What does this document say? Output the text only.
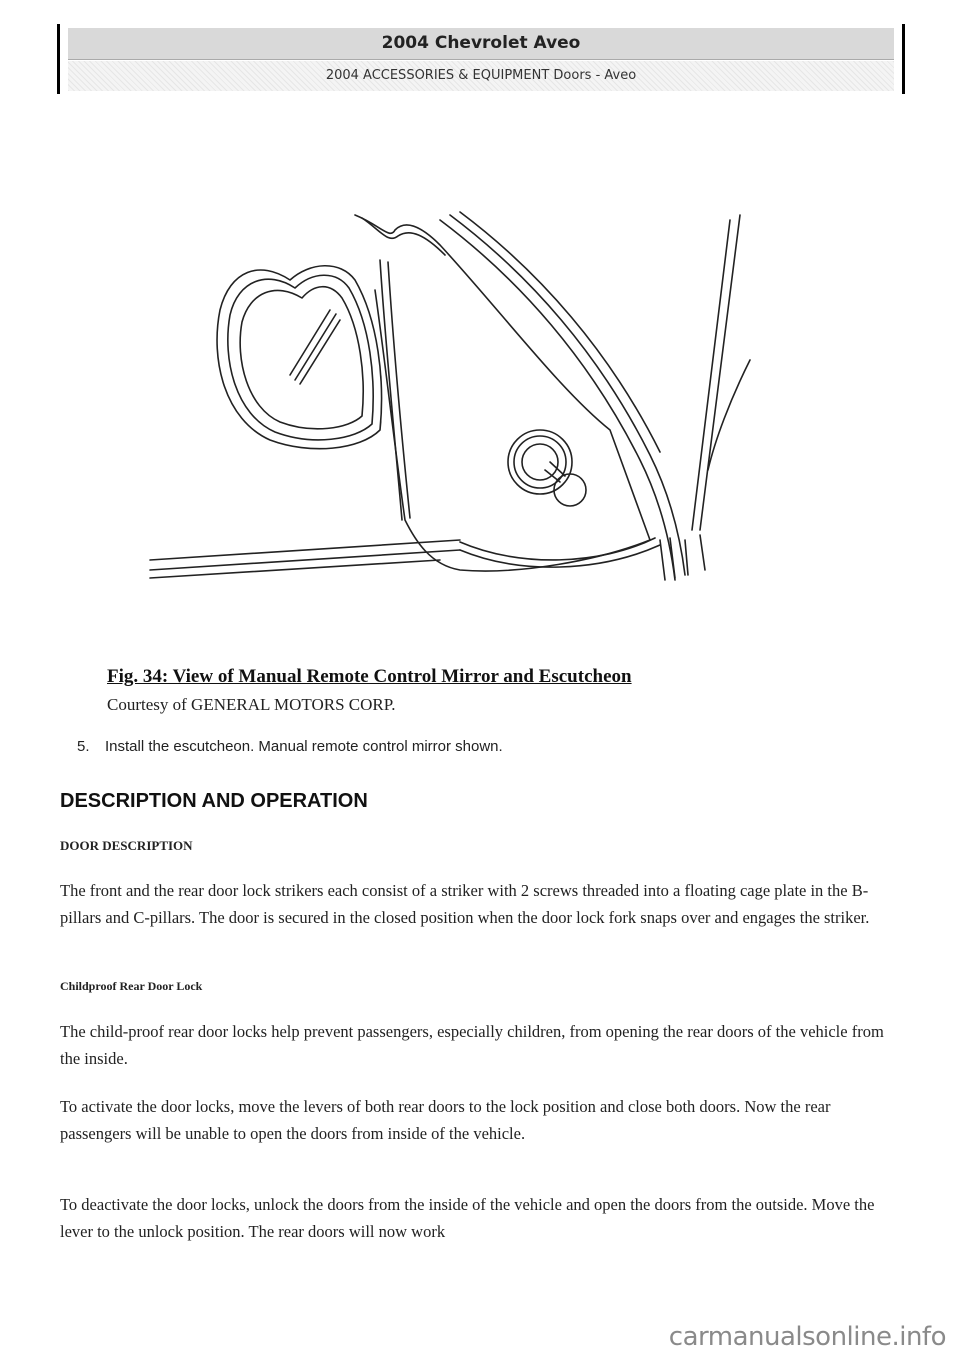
2004 Chevrolet Aveo
2004 ACCESSORIES & EQUIPMENT Doors - Aveo
Fig. 34: View of Manual Remote Control Mirror and Escutcheon
Courtesy of GENERAL MOTORS CORP.
5. Install the escutcheon. Manual remote control mirror shown.
DESCRIPTION AND OPERATION
DOOR DESCRIPTION
The front and the rear door lock strikers each consist of a striker with 2 screws threaded into a floating cage plate in the B-pillars and C-pillars. The door is secured in the closed position when the door lock fork snaps over and engages the striker.
Childproof Rear Door Lock
The child-proof rear door locks help prevent passengers, especially children, from opening the rear doors of the vehicle from the inside.
To activate the door locks, move the levers of both rear doors to the lock position and close both doors. Now the rear passengers will be unable to open the doors from inside of the vehicle.
To deactivate the door locks, unlock the doors from the inside of the vehicle and open the doors from the outside. Move the lever to the unlock position. The rear doors will now work
carmanualsonline.info
